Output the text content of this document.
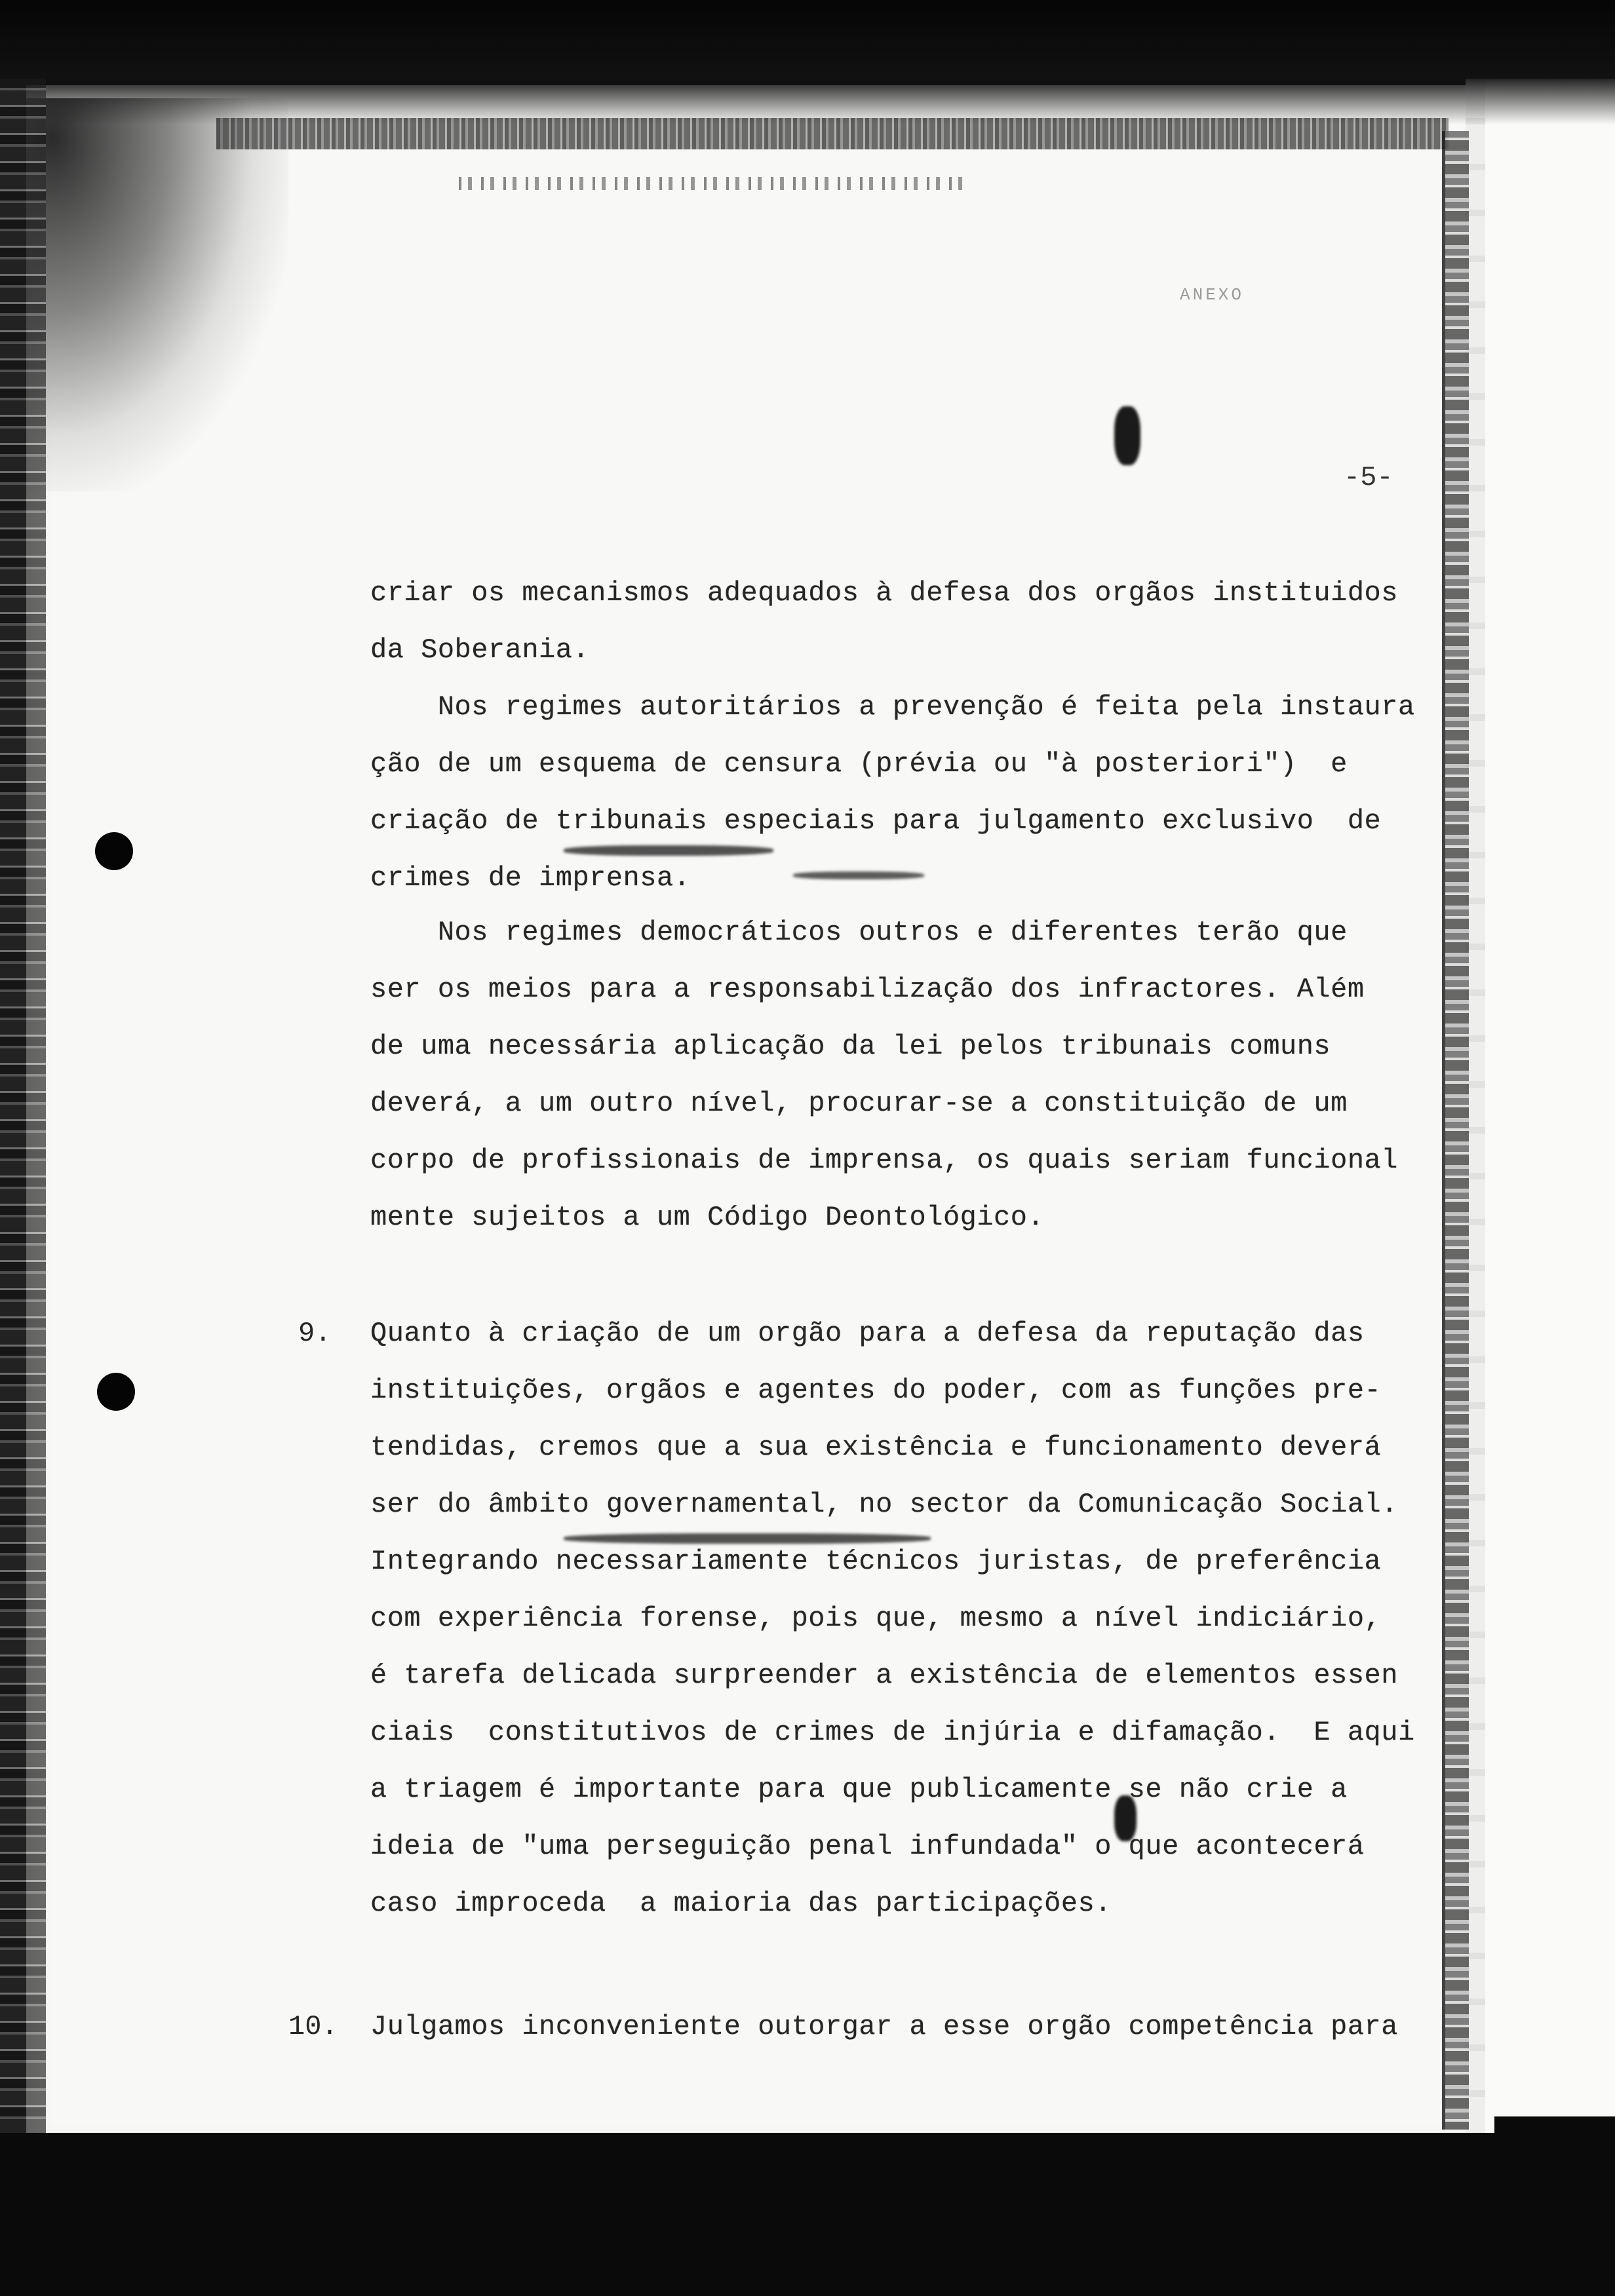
ANEXO
-5-
criar os mecanismos adequados à defesa dos orgãos instituidos
da Soberania.
Nos regimes autoritários a prevenção é feita pela instaura
ção de um esquema de censura (prévia ou "à posteriori")  e
criação de tribunais especiais para julgamento exclusivo  de
crimes de imprensa.
Nos regimes democráticos outros e diferentes terão que
ser os meios para a responsabilização dos infractores. Além
de uma necessária aplicação da lei pelos tribunais comuns
deverá, a um outro nível, procurar-se a constituição de um
corpo de profissionais de imprensa, os quais seriam funcional
mente sujeitos a um Código Deontológico.
9. Quanto à criação de um orgão para a defesa da reputação das
instituições, orgãos e agentes do poder, com as funções pre-
tendidas, cremos que a sua existência e funcionamento deverá
ser do âmbito governamental, no sector da Comunicação Social.
Integrando necessariamente técnicos juristas, de preferência
com experiência forense, pois que, mesmo a nível indiciário,
é tarefa delicada surpreender a existência de elementos essen
ciais  constitutivos de crimes de injúria e difamação.  E aqui
a triagem é importante para que publicamente se não crie a
ideia de "uma perseguição penal infundada" o que acontecerá
caso improceda  a maioria das participações.
10. Julgamos inconveniente outorgar a esse orgão competência para
